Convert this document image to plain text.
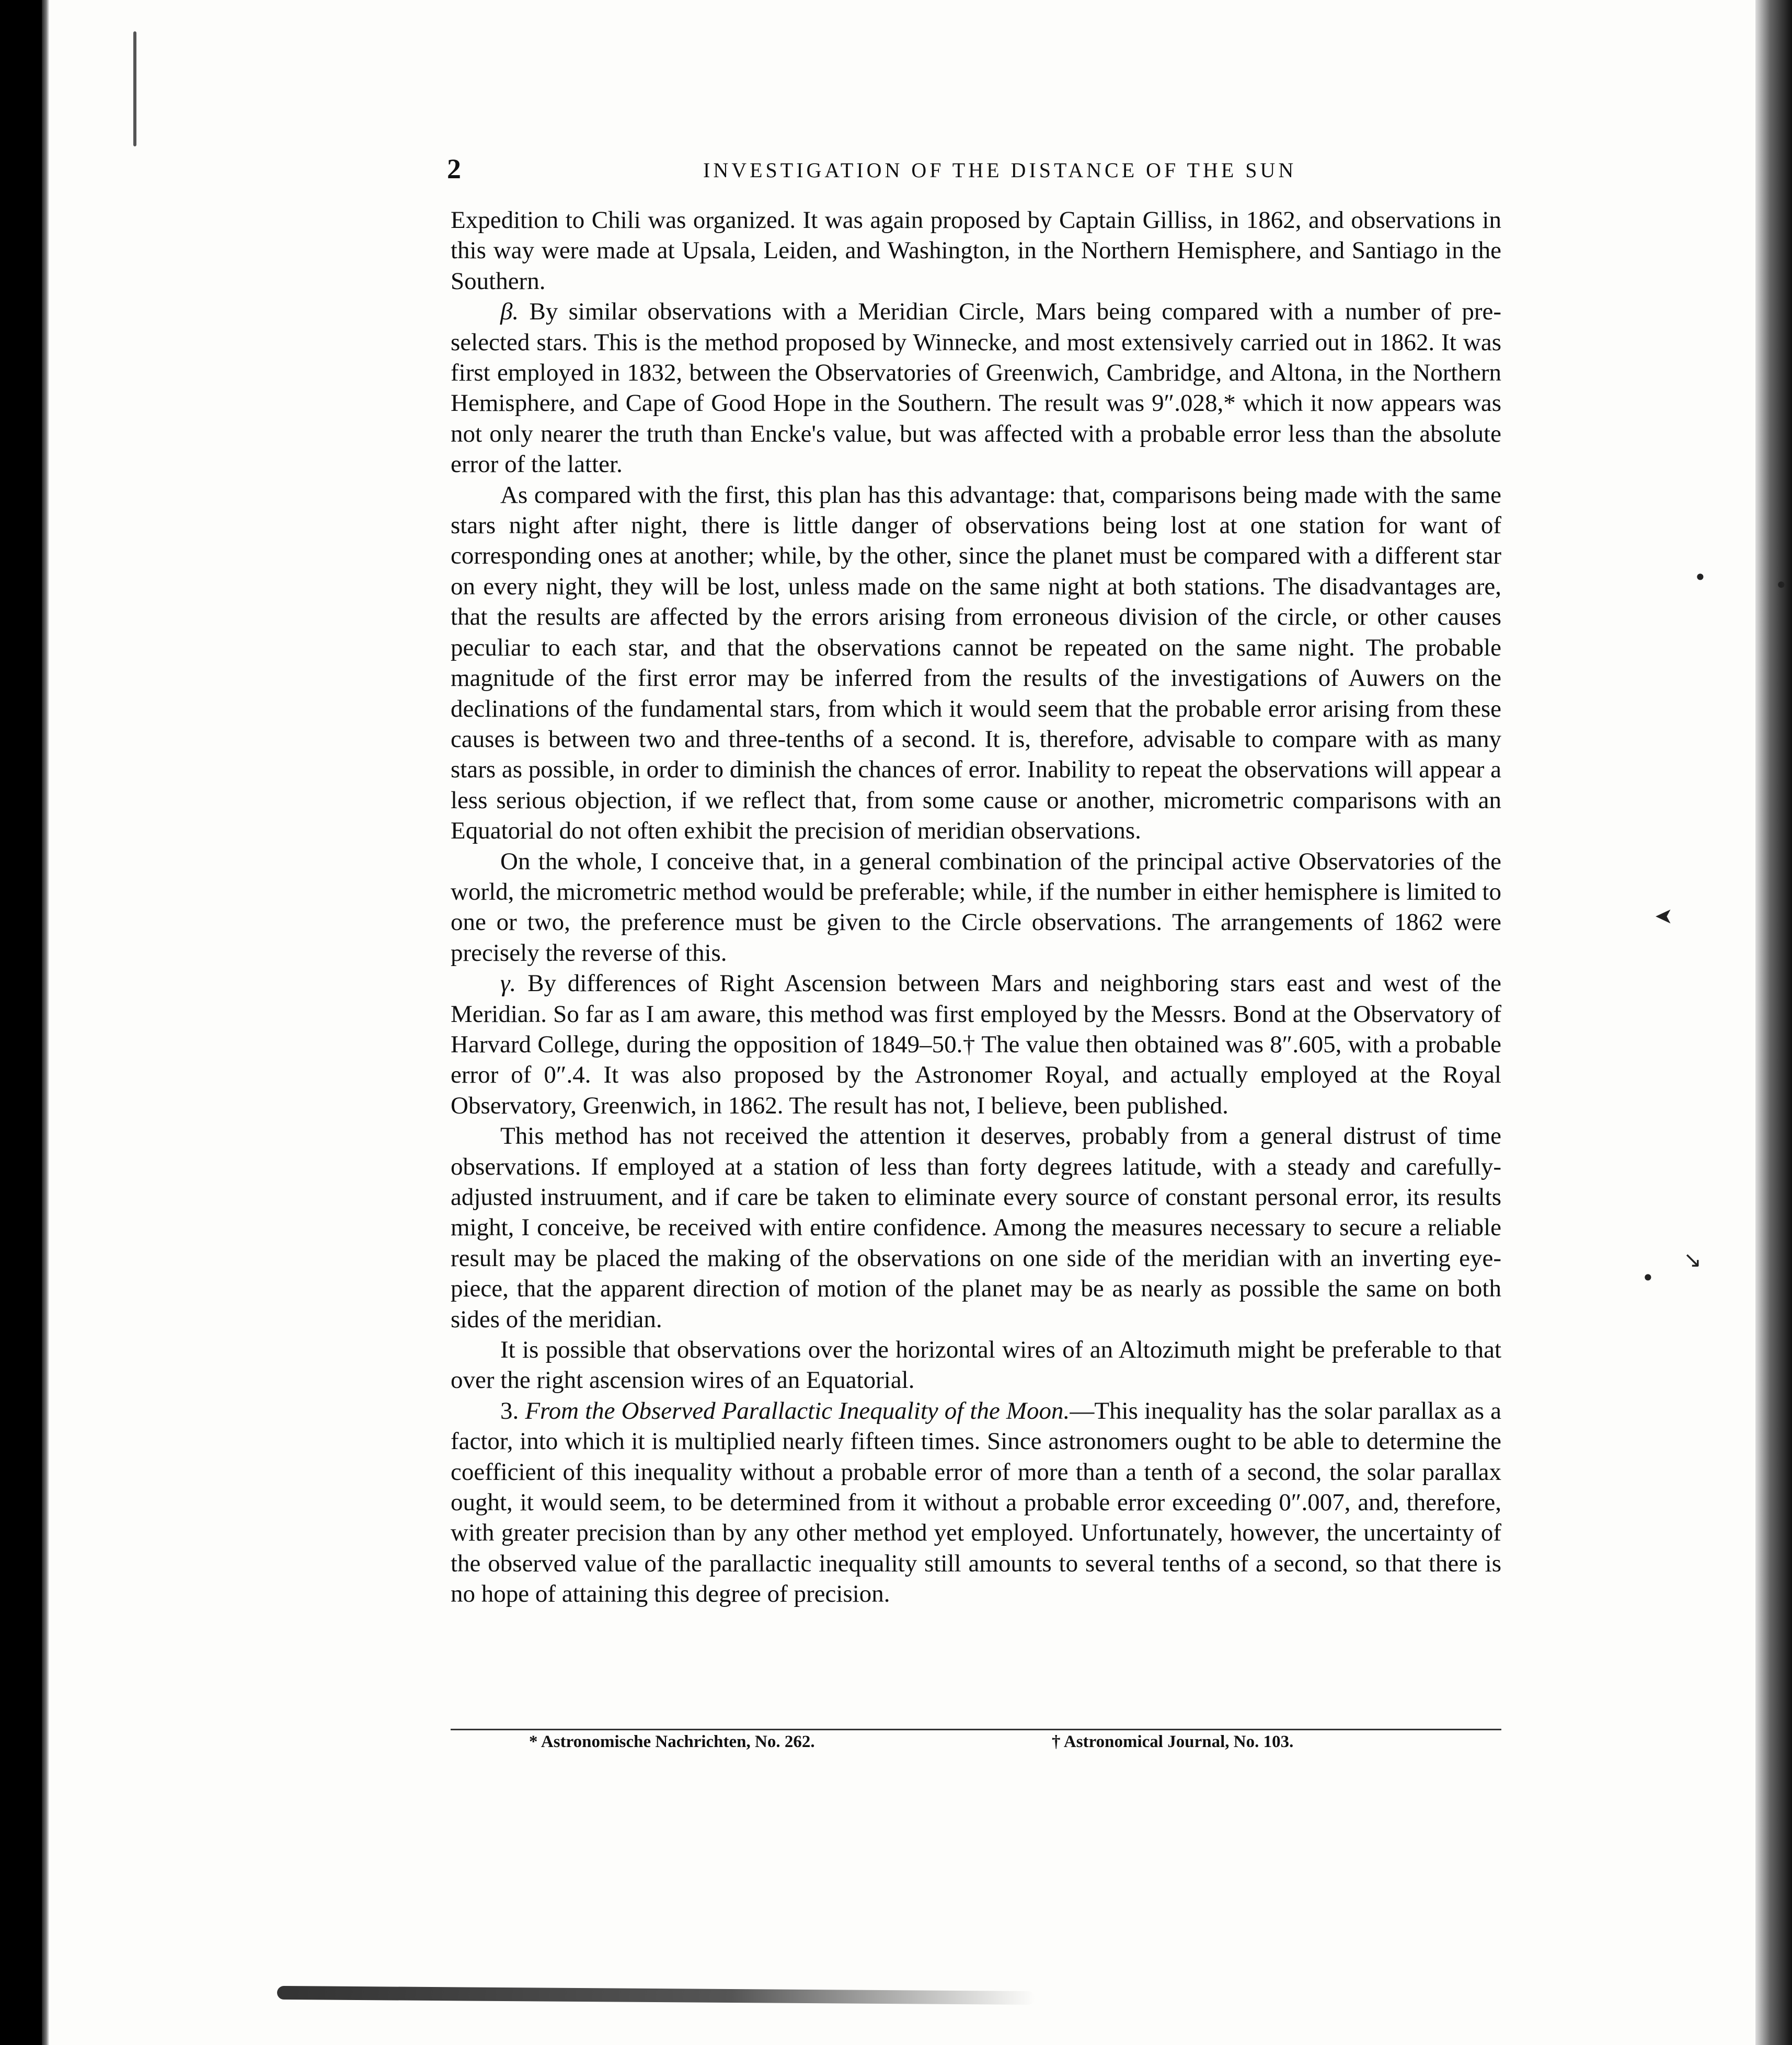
•	•
➤
•
↘
2	INVESTIGATION OF THE DISTANCE OF THE SUN

Expedition to Chili was organized. It was again proposed by Captain Gilliss, in 1862, and observations in this way were made at Upsala, Leiden, and Washington, in the Northern Hemisphere, and Santiago in the Southern.

β. By similar observations with a Meridian Circle, Mars being compared with a number of pre-selected stars. This is the method proposed by Winnecke, and most extensively carried out in 1862. It was first employed in 1832, between the Observatories of Greenwich, Cambridge, and Altona, in the Northern Hemisphere, and Cape of Good Hope in the Southern. The result was 9″.028,* which it now appears was not only nearer the truth than Encke's value, but was affected with a probable error less than the absolute error of the latter.

As compared with the first, this plan has this advantage: that, comparisons being made with the same stars night after night, there is little danger of observations being lost at one station for want of corresponding ones at another; while, by the other, since the planet must be compared with a different star on every night, they will be lost, unless made on the same night at both stations. The disadvantages are, that the results are affected by the errors arising from erroneous division of the circle, or other causes peculiar to each star, and that the observations cannot be repeated on the same night. The probable magnitude of the first error may be inferred from the results of the investigations of Auwers on the declinations of the fundamental stars, from which it would seem that the probable error arising from these causes is between two and three-tenths of a second. It is, therefore, advisable to compare with as many stars as possible, in order to diminish the chances of error. Inability to repeat the observations will appear a less serious objection, if we reflect that, from some cause or another, micrometric comparisons with an Equatorial do not often exhibit the precision of meridian observations.

On the whole, I conceive that, in a general combination of the principal active Observatories of the world, the micrometric method would be preferable; while, if the number in either hemisphere is limited to one or two, the preference must be given to the Circle observations. The arrangements of 1862 were precisely the reverse of this.

γ. By differences of Right Ascension between Mars and neighboring stars east and west of the Meridian. So far as I am aware, this method was first employed by the Messrs. Bond at the Observatory of Harvard College, during the opposition of 1849–50.† The value then obtained was 8″.605, with a probable error of 0″.4. It was also proposed by the Astronomer Royal, and actually employed at the Royal Observatory, Greenwich, in 1862. The result has not, I believe, been published.

This method has not received the attention it deserves, probably from a general distrust of time observations. If employed at a station of less than forty degrees latitude, with a steady and carefully-adjusted instruument, and if care be taken to eliminate every source of constant personal error, its results might, I conceive, be received with entire confidence. Among the measures necessary to secure a reliable result may be placed the making of the observations on one side of the meridian with an inverting eye-piece, that the apparent direction of motion of the planet may be as nearly as possible the same on both sides of the meridian.

It is possible that observations over the horizontal wires of an Altozimuth might be preferable to that over the right ascension wires of an Equatorial.

3. From the Observed Parallactic Inequality of the Moon.—This inequality has the solar parallax as a factor, into which it is multiplied nearly fifteen times. Since astronomers ought to be able to determine the coefficient of this inequality without a probable error of more than a tenth of a second, the solar parallax ought, it would seem, to be determined from it without a probable error exceeding 0″.007, and, therefore, with greater precision than by any other method yet employed. Unfortunately, however, the uncertainty of the observed value of the parallactic inequality still amounts to several tenths of a second, so that there is no hope of attaining this degree of precision.

* Astronomische Nachrichten, No. 262.	† Astronomical Journal, No. 103.
